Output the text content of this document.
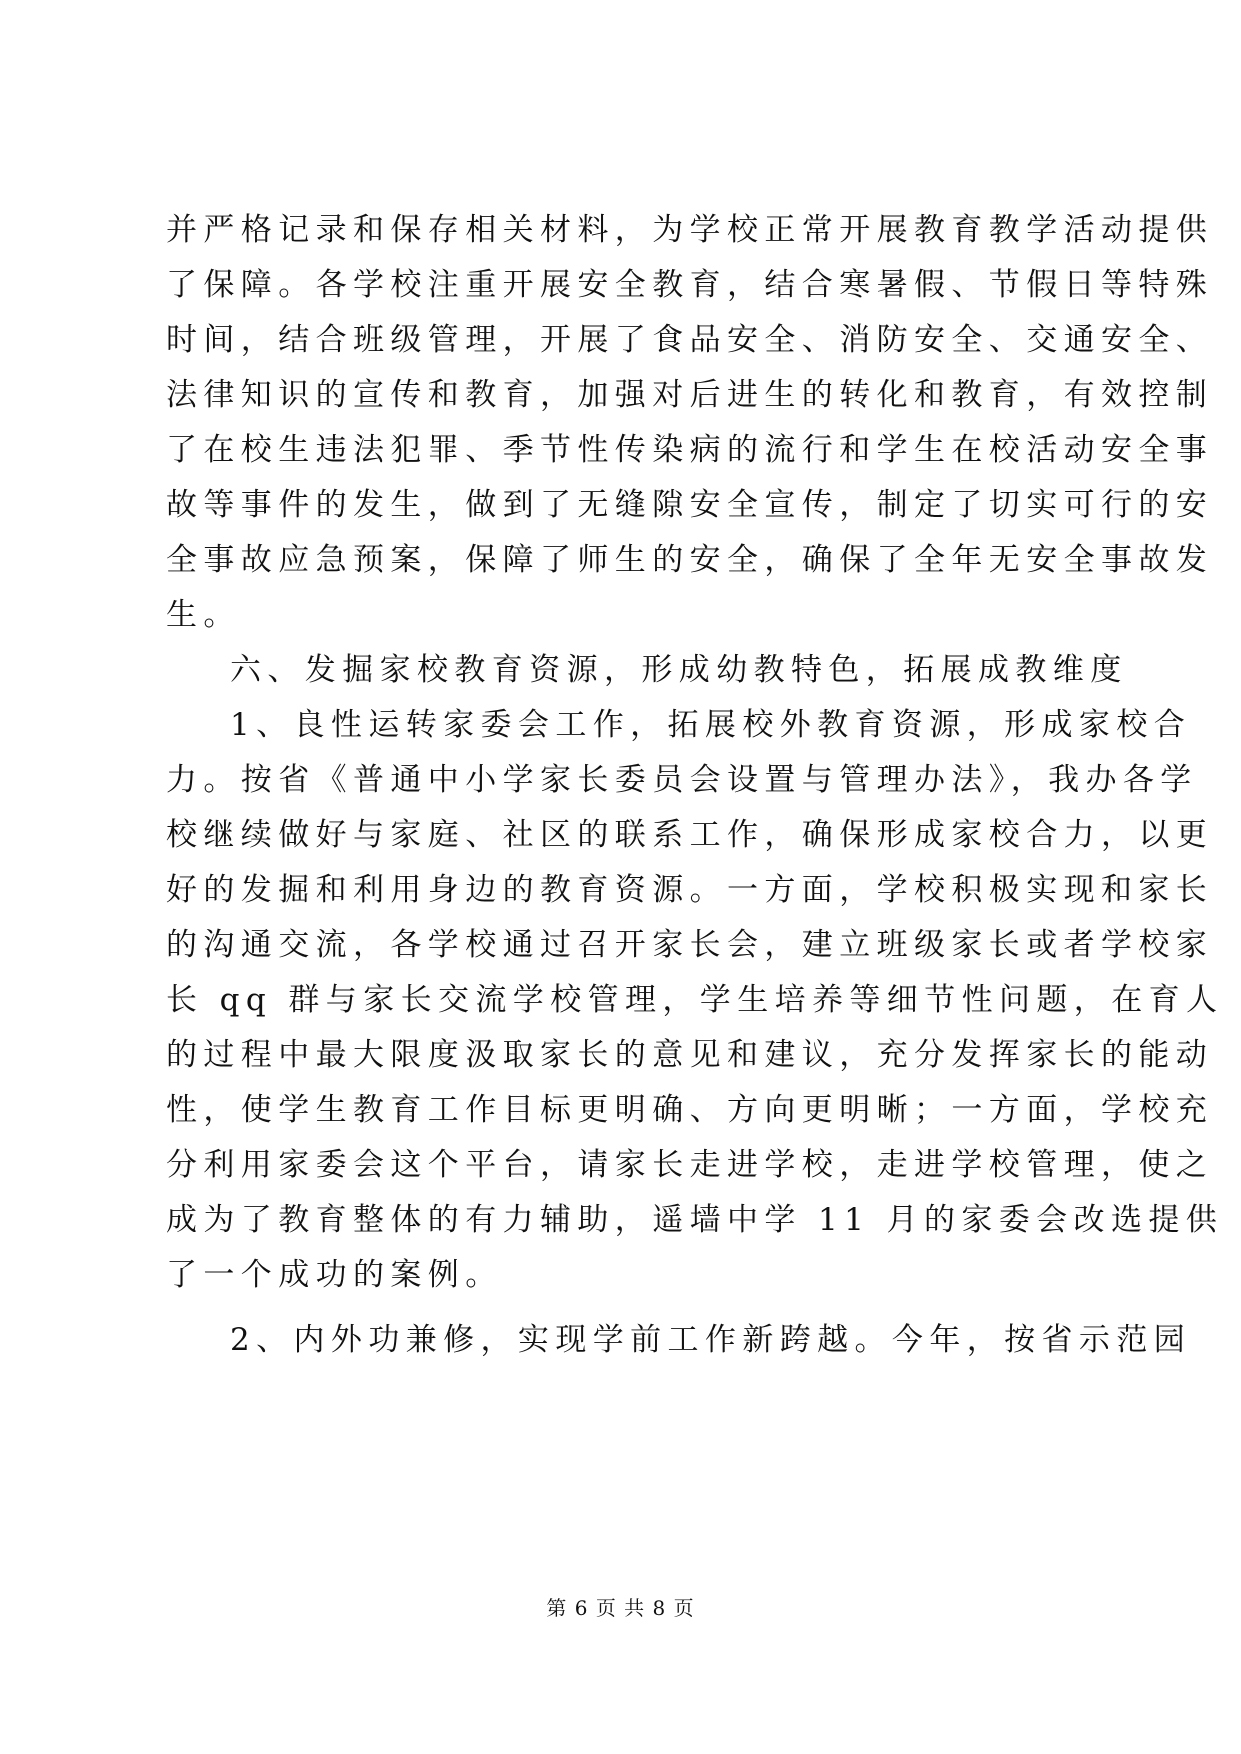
并严格记录和保存相关材料，为学校正常开展教育教学活动提供
了保障。各学校注重开展安全教育，结合寒暑假、节假日等特殊
时间，结合班级管理，开展了食品安全、消防安全、交通安全、
法律知识的宣传和教育，加强对后进生的转化和教育，有效控制
了在校生违法犯罪、季节性传染病的流行和学生在校活动安全事
故等事件的发生，做到了无缝隙安全宣传，制定了切实可行的安
全事故应急预案，保障了师生的安全，确保了全年无安全事故发
生。
六、发掘家校教育资源，形成幼教特色，拓展成教维度
1、良性运转家委会工作，拓展校外教育资源，形成家校合
力。按省《普通中小学家长委员会设置与管理办法》，我办各学
校继续做好与家庭、社区的联系工作，确保形成家校合力，以更
好的发掘和利用身边的教育资源。一方面，学校积极实现和家长
的沟通交流，各学校通过召开家长会，建立班级家长或者学校家
长 qq 群与家长交流学校管理，学生培养等细节性问题，在育人
的过程中最大限度汲取家长的意见和建议，充分发挥家长的能动
性，使学生教育工作目标更明确、方向更明晰；一方面，学校充
分利用家委会这个平台，请家长走进学校，走进学校管理，使之
成为了教育整体的有力辅助，遥墙中学 11 月的家委会改选提供
了一个成功的案例。
2、内外功兼修，实现学前工作新跨越。今年，按省示范园
第 6 页 共 8 页
